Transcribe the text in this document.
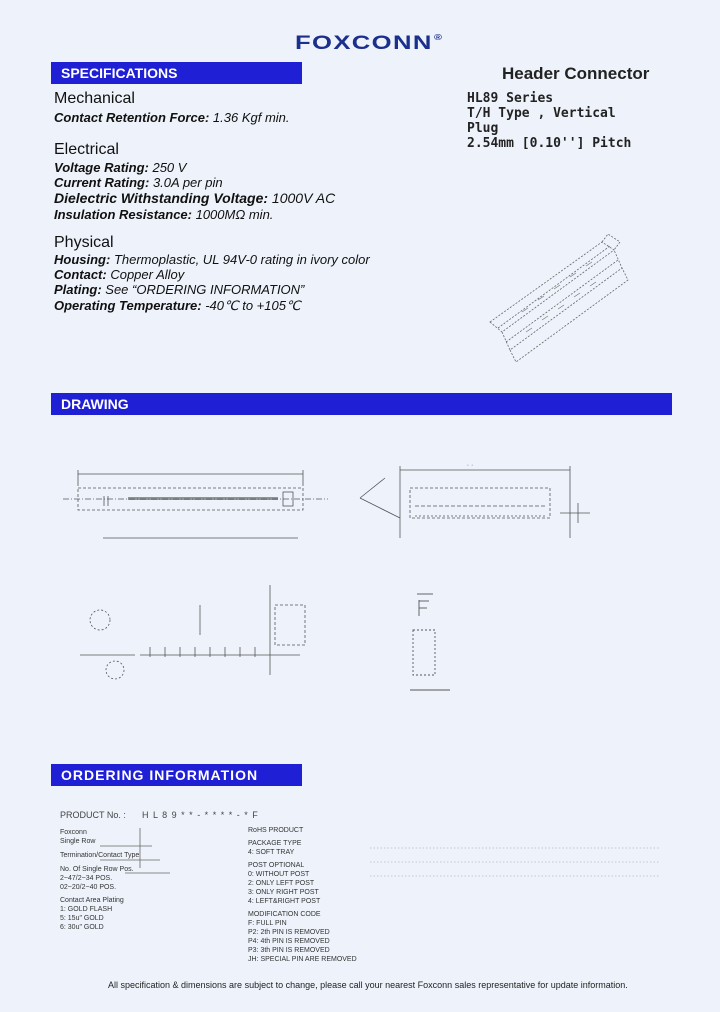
FOXCONN®
SPECIFICATIONS
DRAWING
ORDERING INFORMATION
Header Connector
HL89 Series
T/H Type , Vertical
Plug
2.54mm [0.10''] Pitch
Mechanical
Contact Retention Force: 1.36 Kgf min.
Electrical
Voltage Rating: 250 V
Current Rating: 3.0A per pin
Dielectric Withstanding Voltage: 1000V AC
Insulation Resistance: 1000MΩ min.
Physical
Housing: Thermoplastic, UL 94V-0 rating in ivory color
Contact: Copper Alloy
Plating: See “ORDERING INFORMATION”
Operating Temperature: -40℃ to +105℃
· ·
PRODUCT No. : H L 8 9 * * - * * * * - * F
Foxconn
Single Row
Termination/Contact Type
No. Of Single Row Pos.
2~47/2~34 POS.
02~20/2~40 POS.
Contact Area Plating
1: GOLD FLASH
5: 15u" GOLD
6: 30u" GOLD
RoHS PRODUCT
PACKAGE TYPE
4: SOFT TRAY
POST OPTIONAL
0: WITHOUT POST
2: ONLY LEFT POST
3: ONLY RIGHT POST
4: LEFT&RIGHT POST
MODIFICATION CODE
F: FULL PIN
P2: 2th PIN IS REMOVED
P4: 4th PIN IS REMOVED
P3: 3th PIN IS REMOVED
JH: SPECIAL PIN ARE REMOVED
All specification & dimensions are subject to change, please call your nearest Foxconn sales representative for update information.
